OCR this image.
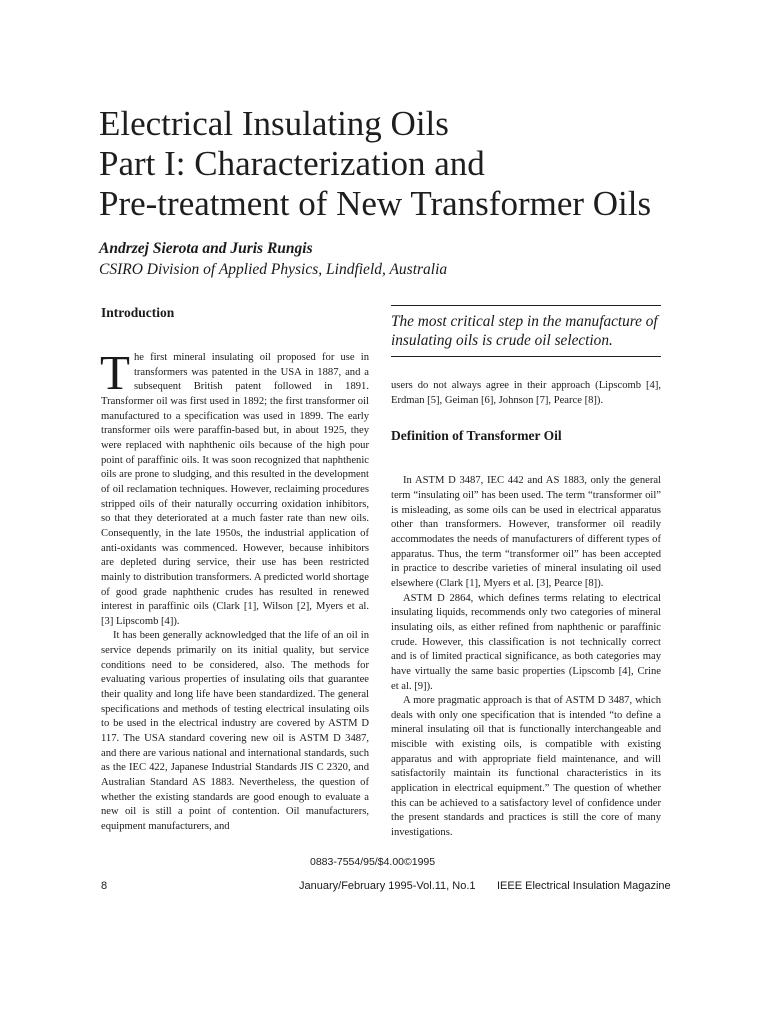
Electrical Insulating Oils
Part I: Characterization and
Pre-treatment of New Transformer Oils
Andrzej Sierota and Juris Rungis
CSIRO Division of Applied Physics, Lindfield, Australia
Introduction

The first mineral insulating oil proposed for use in transformers was patented in the USA in 1887, and a subsequent British patent followed in 1891. Transformer oil was first used in 1892; the first transformer oil manufactured to a specification was used in 1899. The early transformer oils were paraffin-based but, in about 1925, they were replaced with naphthenic oils because of the high pour point of paraffinic oils. It was soon recognized that naphthenic oils are prone to sludging, and this resulted in the development of oil reclamation techniques. However, reclaiming procedures stripped oils of their naturally occurring oxidation inhibitors, so that they deteriorated at a much faster rate than new oils. Consequently, in the late 1950s, the industrial application of anti-oxidants was commenced. However, because inhibitors are depleted during service, their use has been restricted mainly to distribution transformers. A predicted world shortage of good grade naphthenic crudes has resulted in renewed interest in paraffinic oils (Clark [1], Wilson [2], Myers et al. [3] Lipscomb [4]).

It has been generally acknowledged that the life of an oil in service depends primarily on its initial quality, but service conditions need to be considered, also. The methods for evaluating various properties of insulating oils that guarantee their quality and long life have been standardized. The general specifications and methods of testing electrical insulating oils to be used in the electrical industry are covered by ASTM D 117. The USA standard covering new oil is ASTM D 3487, and there are various national and international standards, such as the IEC 422, Japanese Industrial Standards JIS C 2320, and Australian Standard AS 1883. Nevertheless, the question of whether the existing standards are good enough to evaluate a new oil is still a point of contention. Oil manufacturers, equipment manufacturers, and

The most critical step in the manufacture of insulating oils is crude oil selection.

users do not always agree in their approach (Lipscomb [4], Erdman [5], Geiman [6], Johnson [7], Pearce [8]).

Definition of Transformer Oil

In ASTM D 3487, IEC 442 and AS 1883, only the general term “insulating oil” has been used. The term “transformer oil” is misleading, as some oils can be used in electrical apparatus other than transformers. However, transformer oil readily accommodates the needs of manufacturers of different types of apparatus. Thus, the term “transformer oil” has been accepted in practice to describe varieties of mineral insulating oil used elsewhere (Clark [1], Myers et al. [3], Pearce [8]).

ASTM D 2864, which defines terms relating to electrical insulating liquids, recommends only two categories of mineral insulating oils, as either refined from naphthenic or paraffinic crude. However, this classification is not technically correct and is of limited practical significance, as both categories may have virtually the same basic properties (Lipscomb [4], Crine et al. [9]).

A more pragmatic approach is that of ASTM D 3487, which deals with only one specification that is intended “to define a mineral insulating oil that is functionally interchangeable and miscible with existing oils, is compatible with existing apparatus and with appropriate field maintenance, and will satisfactorily maintain its functional characteristics in its application in electrical equipment.” The question of whether this can be achieved to a satisfactory level of confidence under the present standards and practices is still the core of many investigations.

0883-7554/95/$4.00©1995
8	January/February 1995-Vol.11, No.1 IEEE Electrical Insulation Magazine
